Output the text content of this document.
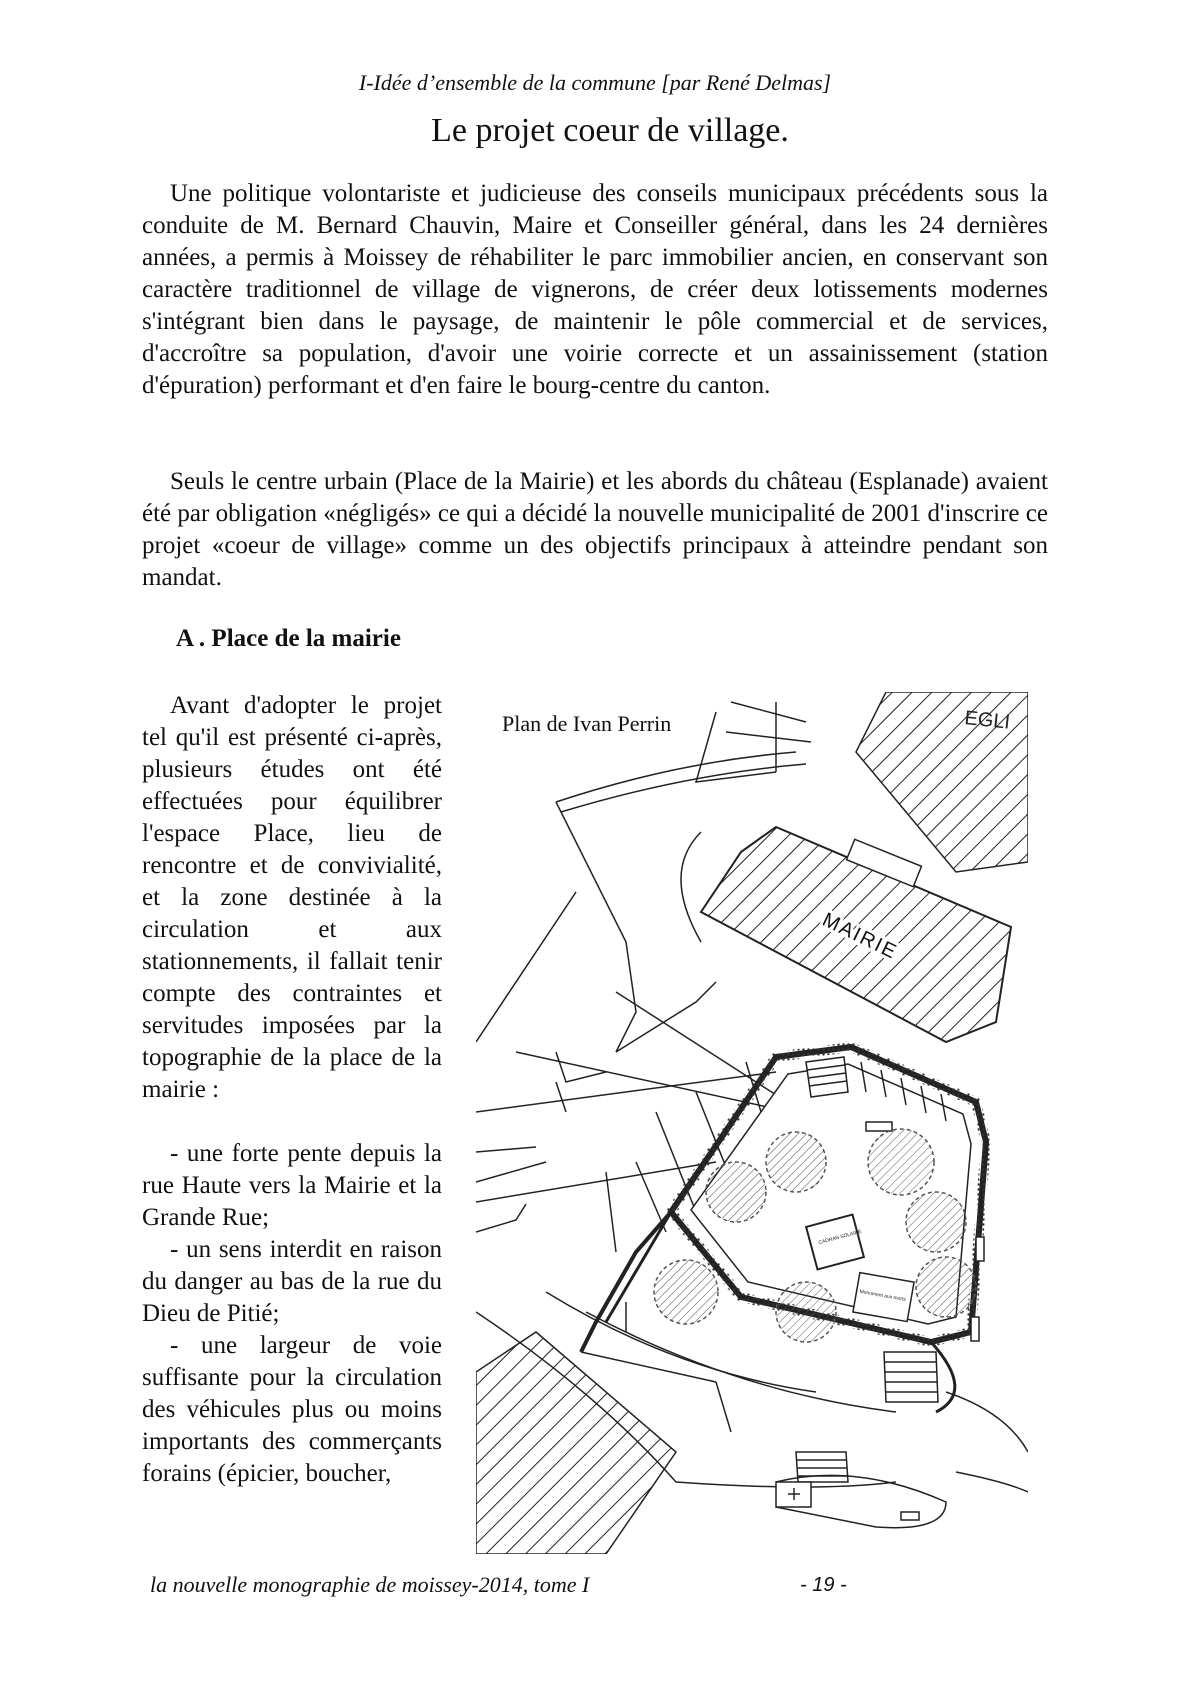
I-Idée d’ensemble de la commune [par René Delmas]
Le projet coeur de village.

Une politique volontariste et judicieuse des conseils municipaux précédents sous la conduite de M. Bernard Chauvin, Maire et Conseiller général, dans les 24 dernières années, a permis à Moissey de réhabiliter le parc immobilier ancien, en conservant son caractère traditionnel de village de vignerons, de créer deux lotissements modernes s'intégrant bien dans le paysage, de maintenir le pôle commercial et de services, d'accroître sa population, d'avoir une voirie correcte et un assainissement (station d'épuration) performant et d'en faire le bourg-centre du canton.

Seuls le centre urbain (Place de la Mairie) et les abords du château (Esplanade) avaient été par obligation «négligés» ce qui a décidé la nouvelle municipalité de 2001 d'inscrire ce projet «coeur de village» comme un des objectifs principaux à atteindre pendant son mandat.

A . Place de la mairie

Avant d'adopter le projet tel qu'il est présenté ci-après, plusieurs études ont été effectuées pour équilibrer l'espace Place, lieu de rencontre et de convivialité, et la zone destinée à la circulation et aux stationnements, il fallait tenir compte des contraintes et servitudes imposées par la topographie de la place de la mairie :

- une forte pente depuis la rue Haute vers la Mairie et la Grande Rue;

- un sens interdit en raison du danger au bas de la rue du Dieu de Pitié;

- une largeur de voie suffisante pour la circulation des véhicules plus ou moins importants des commerçants forains (épicier, boucher,

EGLI
MAIRIE
CADRAN SOLAIRE
Monument aux morts
Plan de Ivan Perrin
la nouvelle monographie de moissey-2014, tome I	- 19 -
